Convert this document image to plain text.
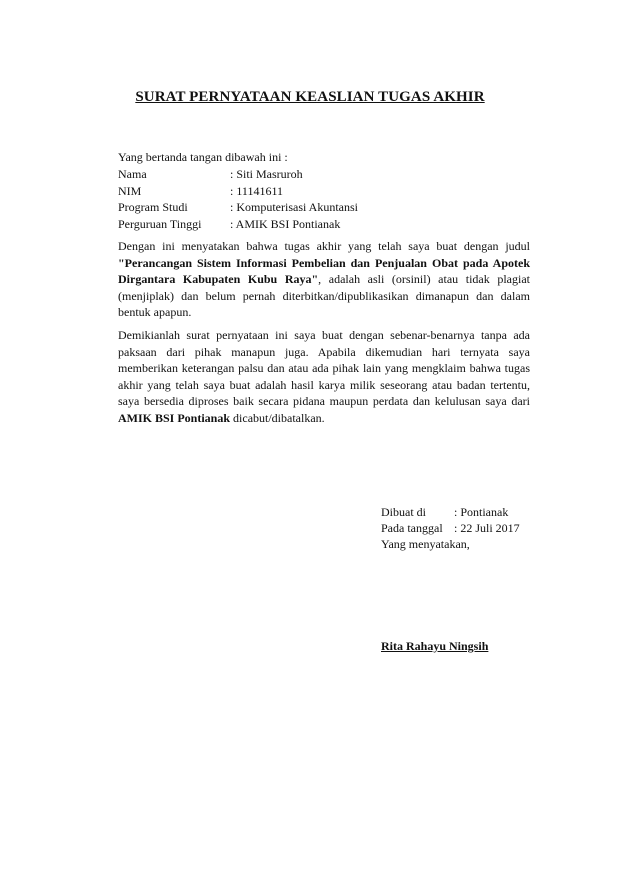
SURAT PERNYATAAN KEASLIAN TUGAS AKHIR
Yang bertanda tangan dibawah ini :
Nama	: Siti Masruroh
NIM	: 11141611
Program Studi	: Komputerisasi Akuntansi
Perguruan Tinggi : AMIK BSI Pontianak

Dengan ini menyatakan bahwa tugas akhir yang telah saya buat dengan judul "Perancangan Sistem Informasi Pembelian dan Penjualan Obat pada Apotek Dirgantara Kabupaten Kubu Raya", adalah asli (orsinil) atau tidak plagiat (menjiplak) dan belum pernah diterbitkan/dipublikasikan dimanapun dan dalam bentuk apapun.

Demikianlah surat pernyataan ini saya buat dengan sebenar-benarnya tanpa ada paksaan dari pihak manapun juga. Apabila dikemudian hari ternyata saya memberikan keterangan palsu dan atau ada pihak lain yang mengklaim bahwa tugas akhir yang telah saya buat adalah hasil karya milik seseorang atau badan tertentu, saya bersedia diproses baik secara pidana maupun perdata dan kelulusan saya dari AMIK BSI Pontianak dicabut/dibatalkan.

Dibuat di : Pontianak
Pada tanggal : 22 Juli 2017
Yang menyatakan,
Rita Rahayu Ningsih
